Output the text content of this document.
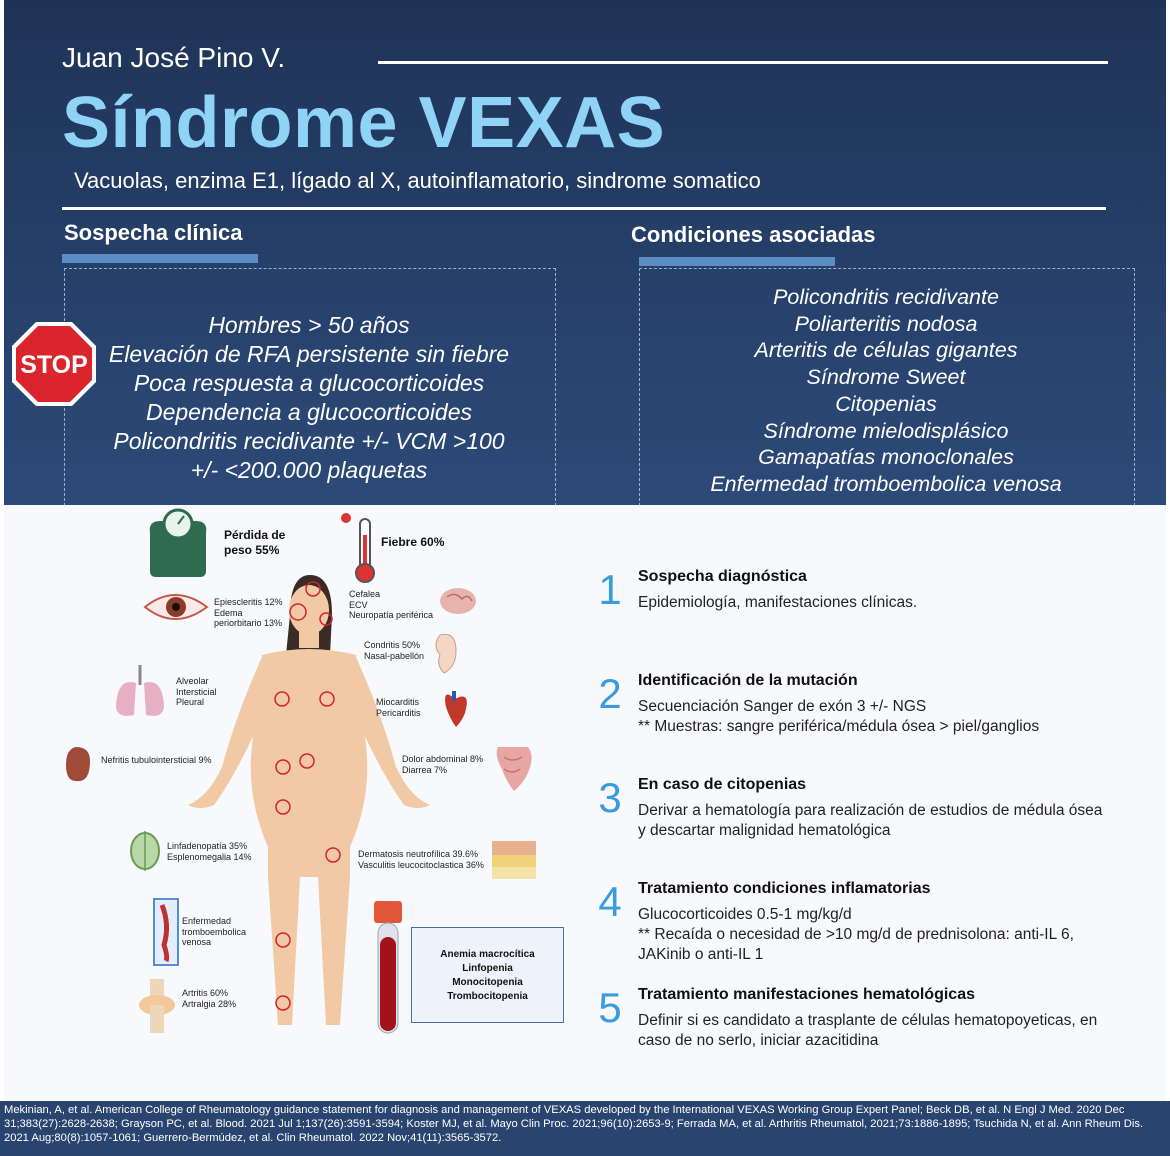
Juan José Pino V.
Síndrome VEXAS
Vacuolas, enzima E1, lígado al X, autoinflamatorio, sindrome somatico
Sospecha clínica
Hombres > 50 años
Elevación de RFA persistente sin fiebre
Poca respuesta a glucocorticoides
Dependencia a glucocorticoides
Policondritis recidivante +/- VCM >100
+/- <200.000 plaquetas
STOP
Condiciones asociadas
Policondritis recidivante
Poliarteritis nodosa
Arteritis de células gigantes
Síndrome Sweet
Citopenias
Síndrome mielodisplásico
Gamapatías monoclonales
Enfermedad tromboembolica venosa
Pérdida de
peso 55%
Fiebre 60%
Epiescleritis 12%
Edema
periorbitario 13%
Cefalea
ECV
Neuropatía periférica
Condritis 50%
Nasal-pabellón
Alveolar
Intersticial
Pleural	Miocarditis
Pericarditis
Nefritis tubulointersticial 9%	Dolor abdominal 8%
Diarrea 7%
Linfadenopatía 35%
Esplenomegalia 14%	Dermatosis neutrofílica 39.6%
Vasculitis leucocitoclastica 36%
Enfermedad
tromboembolica
venosa
Artritis 60%
Artralgia 28%
Anemia macrocítica
Linfopenia
Monocitopenia
Trombocitopenia
1	Sospecha diagnóstica
Epidemiología, manifestaciones clínicas.
2	Identificación de la mutación
Secuenciación Sanger de exón 3 +/- NGS
** Muestras: sangre periférica/médula ósea > piel/ganglios
3	En caso de citopenias
Derivar a hematología para realización de estudios de médula ósea y descartar malignidad hematológica
4	Tratamiento condiciones inflamatorias
Glucocorticoides 0.5-1 mg/kg/d
** Recaída o necesidad de >10 mg/d de prednisolona: anti-IL 6, JAKinib o anti-IL 1
5	Tratamiento manifestaciones hematológicas
Definir si es candidato a trasplante de células hematopoyeticas, en caso de no serlo, iniciar azacitidina
Mekinian, A, et al. American College of Rheumatology guidance statement for diagnosis and management of VEXAS developed by the International VEXAS Working Group Expert Panel; Beck DB, et al. N Engl J Med. 2020 Dec 31;383(27):2628-2638; Grayson PC, et al. Blood. 2021 Jul 1;137(26):3591-3594; Koster MJ, et al. Mayo Clin Proc. 2021;96(10):2653-9; Ferrada MA, et al. Arthritis Rheumatol, 2021;73:1886-1895; Tsuchida N, et al. Ann Rheum Dis. 2021 Aug;80(8):1057-1061; Guerrero-Bermúdez, et al. Clin Rheumatol. 2022 Nov;41(11):3565-3572.
